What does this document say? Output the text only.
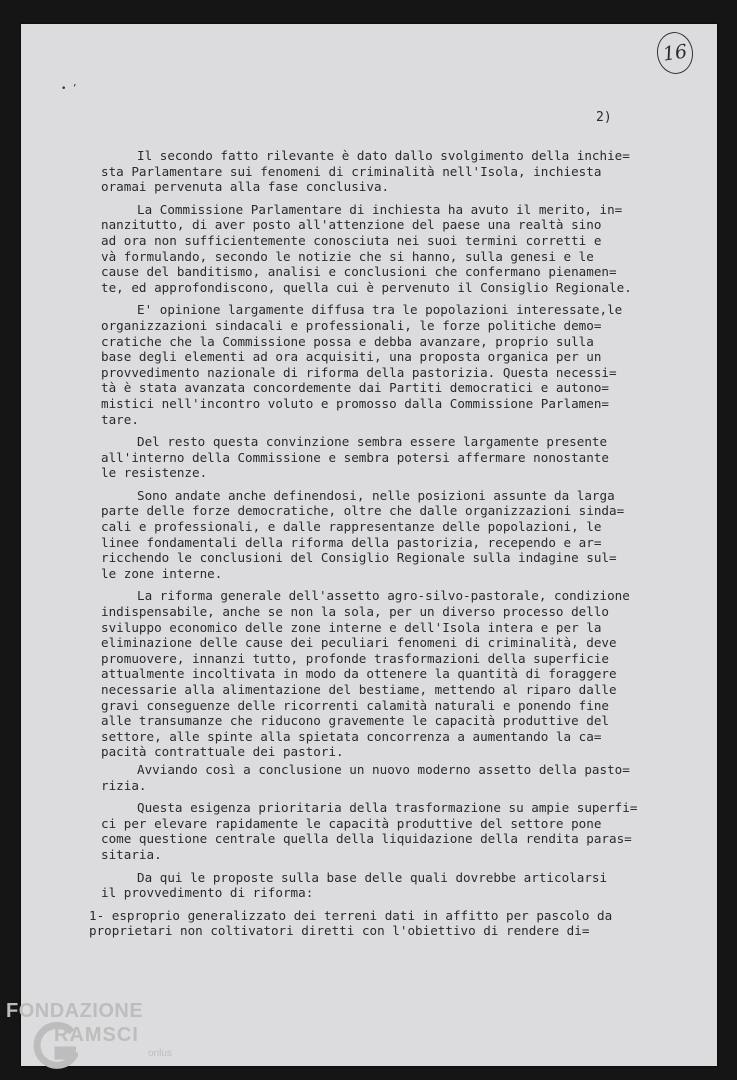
• ’
16
2)

Il secondo fatto rilevante è dato dallo svolgimento della inchie=
sta Parlamentare sui fenomeni di criminalità nell'Isola, inchiesta
oramai pervenuta alla fase conclusiva.

La Commissione Parlamentare di inchiesta ha avuto il merito, in=
nanzitutto, di aver posto all'attenzione del paese una realtà sino
ad ora non sufficientemente conosciuta nei suoi termini corretti e
và formulando, secondo le notizie che si hanno, sulla genesi e le
cause del banditismo, analisi e conclusioni che confermano pienamen=
te, ed approfondiscono, quella cui è pervenuto il Consiglio Regionale.

E' opinione largamente diffusa tra le popolazioni interessate,le
organizzazioni sindacali e professionali, le forze politiche demo=
cratiche che la Commissione possa e debba avanzare, proprio sulla
base degli elementi ad ora acquisiti, una proposta organica per un
provvedimento nazionale di riforma della pastorizia. Questa necessi=
tà è stata avanzata concordemente dai Partiti democratici e autono=
mistici nell'incontro voluto e promosso dalla Commissione Parlamen=
tare.

Del resto questa convinzione sembra essere largamente presente
all'interno della Commissione e sembra potersi affermare nonostante
le resistenze.

Sono andate anche definendosi, nelle posizioni assunte da larga
parte delle forze democratiche, oltre che dalle organizzazioni sinda=
cali e professionali, e dalle rappresentanze delle popolazioni, le
linee fondamentali della riforma della pastorizia, recependo e ar=
ricchendo le conclusioni del Consiglio Regionale sulla indagine sul=
le zone interne.

La riforma generale dell'assetto agro-silvo-pastorale, condizione
indispensabile, anche se non la sola, per un diverso processo dello
sviluppo economico delle zone interne e dell'Isola intera e per la
eliminazione delle cause dei peculiari fenomeni di criminalità, deve
promuovere, innanzi tutto, profonde trasformazioni della superficie
attualmente incoltivata in modo da ottenere la quantità di foraggere
necessarie alla alimentazione del bestiame, mettendo al riparo dalle
gravi conseguenze delle ricorrenti calamità naturali e ponendo fine
alle transumanze che riducono gravemente le capacità produttive del
settore, alle spinte alla spietata concorrenza a aumentando la ca=
pacità contrattuale dei pastori.

Avviando così a conclusione un nuovo moderno assetto della pasto=
rizia.

Questa esigenza prioritaria della trasformazione su ampie superfi=
ci per elevare rapidamente le capacità produttive del settore pone
come questione centrale quella della liquidazione della rendita paras=
sitaria.

Da qui le proposte sulla base delle quali dovrebbe articolarsi
il provvedimento di riforma:

1- esproprio generalizzato dei terreni dati in affitto per pascolo da
proprietari non coltivatori diretti con l'obiettivo di rendere di=
FONDAZIONE
RAMSCI
onlus
